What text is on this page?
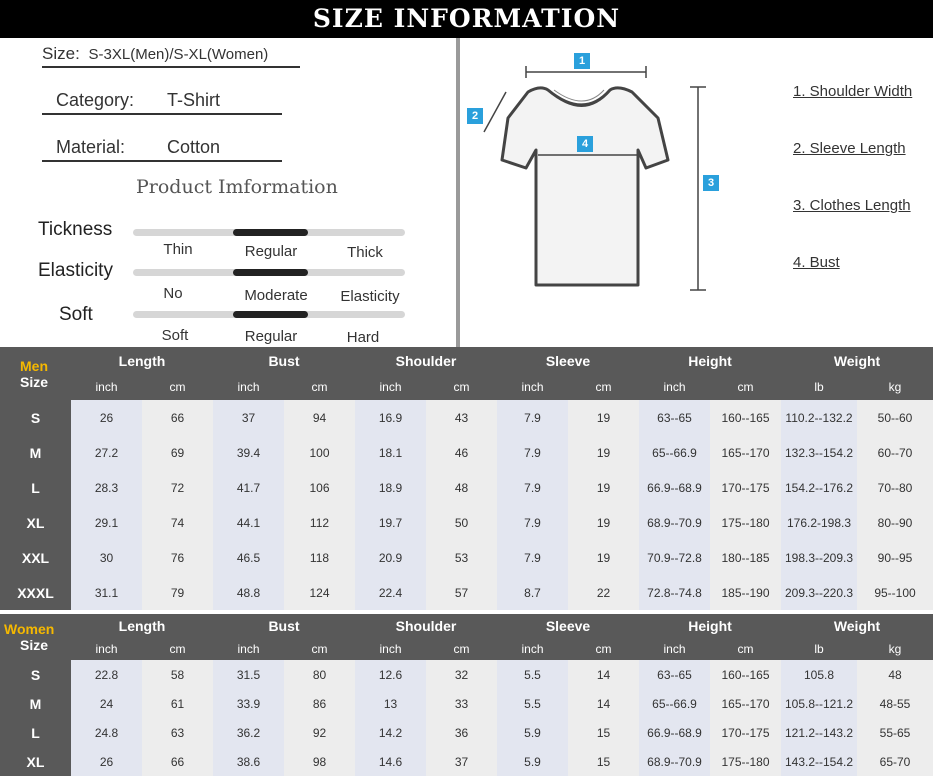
SIZE INFORMATION
Size: S-3XL(Men)/S-XL(Women)
Category: T-Shirt
Material: Cotton
Product Imformation
Tickness
Thin	Regular	Thick
Elasticity
No	Moderate	Elasticity
Soft
Soft	Regular	Hard
1
2
3
4
1. Shoulder Width
2. Sleeve Length
3. Clothes Length
4. Bust
Men
Size	Length		Bust		Shoulder		Sleeve		Height		Weight	
	inch	cm	inch	cm	inch	cm	inch	cm	inch	cm	lb	kg
S	26	66	37	94	16.9	43	7.9	19	63--65	160--165	110.2--132.2	50--60
M	27.2	69	39.4	100	18.1	46	7.9	19	65--66.9	165--170	132.3--154.2	60--70
L	28.3	72	41.7	106	18.9	48	7.9	19	66.9--68.9	170--175	154.2--176.2	70--80
XL	29.1	74	44.1	112	19.7	50	7.9	19	68.9--70.9	175--180	176.2-198.3	80--90
XXL	30	76	46.5	118	20.9	53	7.9	19	70.9--72.8	180--185	198.3--209.3	90--95
XXXL	31.1	79	48.8	124	22.4	57	8.7	22	72.8--74.8	185--190	209.3--220.3	95--100
Women
Size	Length		Bust		Shoulder		Sleeve		Height		Weight	
	inch	cm	inch	cm	inch	cm	inch	cm	inch	cm	lb	kg
S	22.8	58	31.5	80	12.6	32	5.5	14	63--65	160--165	105.8	48
M	24	61	33.9	86	13	33	5.5	14	65--66.9	165--170	105.8--121.2	48-55
L	24.8	63	36.2	92	14.2	36	5.9	15	66.9--68.9	170--175	121.2--143.2	55-65
XL	26	66	38.6	98	14.6	37	5.9	15	68.9--70.9	175--180	143.2--154.2	65-70
